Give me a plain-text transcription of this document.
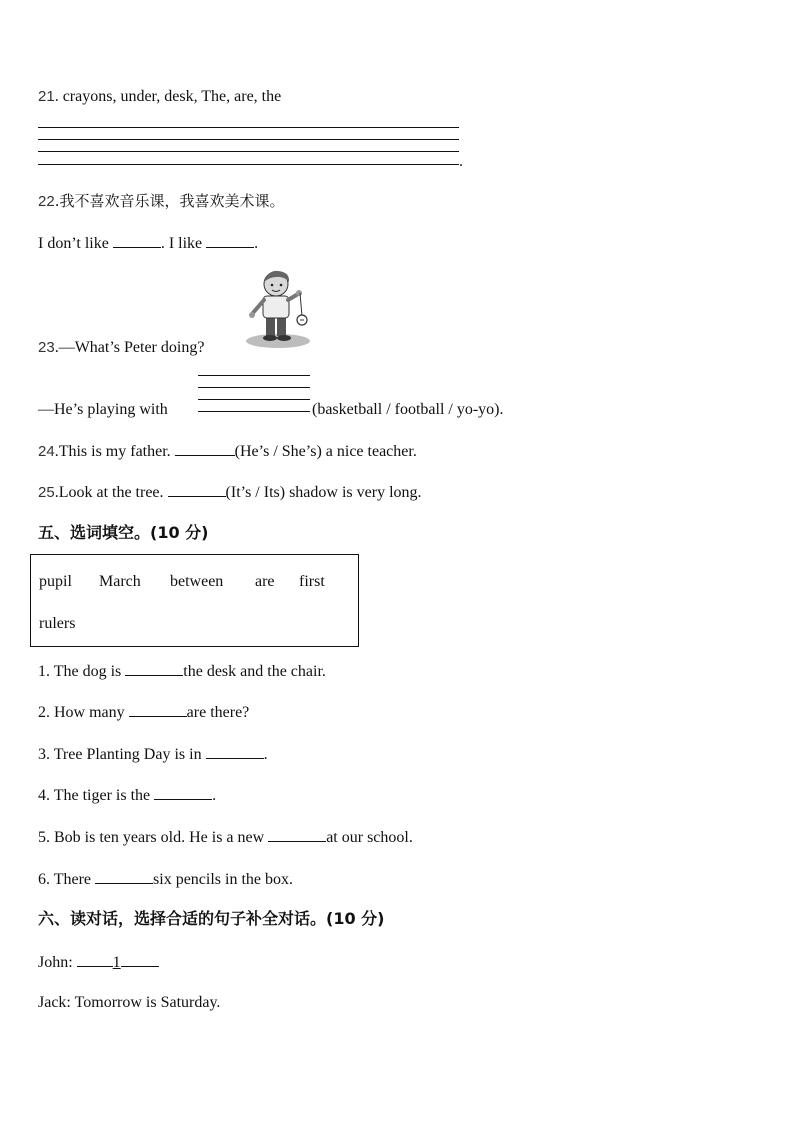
21. crayons, under, desk, The, are, the
.
22.我不喜欢音乐课，我喜欢美术课。
I don’t like	. I like	.
23.—What’s Peter doing?
—He’s playing with	(basketball / football / yo-yo).
24.This is my father.	(He’s / She’s) a nice teacher.
25.Look at the tree.	(It’s / Its) shadow is very long.
五、选词填空。(10 分)
pupil March between are first
rulers
1. The dog is	the desk and the chair.
2. How many	are there?
3. Tree Planting Day is in	.
4. The tiger is the	.
5. Bob is ten years old. He is a new	at our school.
6. There	six pencils in the box.
六、读对话，选择合适的句子补全对话。(10 分)
John: 1
Jack: Tomorrow is Saturday.
